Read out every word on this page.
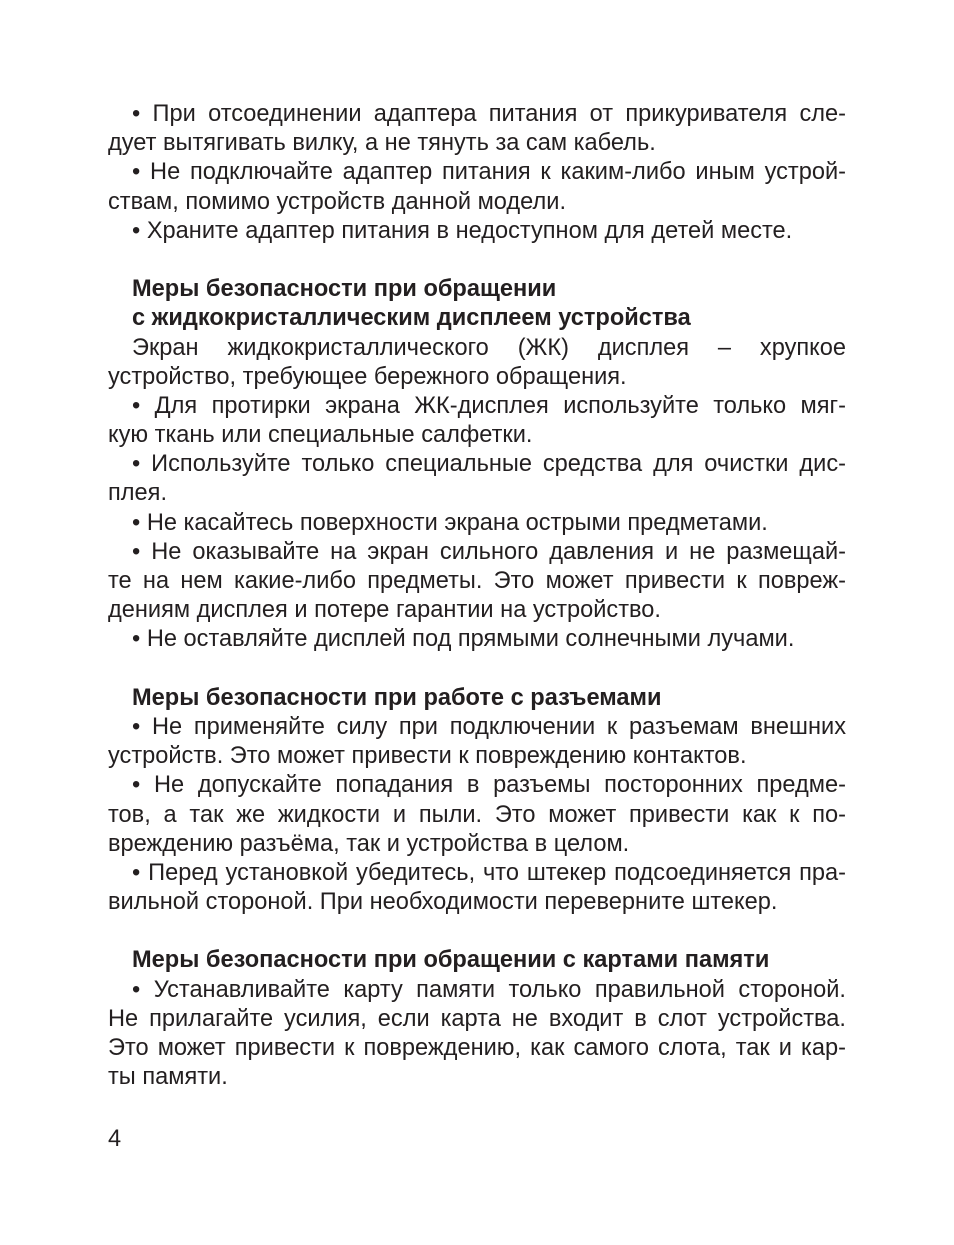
• При отсоединении адаптера питания от прикуривателя сле-
дует вытягивать вилку, а не тянуть за сам кабель.
• Не подключайте адаптер питания к каким-либо иным устрой-
ствам, помимо устройств данной модели.
• Храните адаптер питания в недоступном для детей месте.
Меры безопасности при обращении
с жидкокристаллическим дисплеем устройства
Экран жидкокристаллического (ЖК) дисплея – хрупкое
устройство, требующее бережного обращения.
• Для протирки экрана ЖК-дисплея используйте только мяг-
кую ткань или специальные салфетки.
• Используйте только специальные средства для очистки дис-
плея.
• Не касайтесь поверхности экрана острыми предметами.
• Не оказывайте на экран сильного давления и не размещай-
те на нем какие-либо предметы. Это может привести к повреж-
дениям дисплея и потере гарантии на устройство.
• Не оставляйте дисплей под прямыми солнечными лучами.
Меры безопасности при работе с разъемами
• Не применяйте силу при подключении к разъемам внешних
устройств. Это может привести к повреждению контактов.
• Не допускайте попадания в разъемы посторонних предме-
тов, а так же жидкости и пыли. Это может привести как к по-
вреждению разъёма, так и устройства в целом.
• Перед установкой убедитесь, что штекер подсоединяется пра-
вильной стороной. При необходимости переверните штекер.
Меры безопасности при обращении с картами памяти
• Устанавливайте карту памяти только правильной стороной.
Не прилагайте усилия, если карта не входит в слот устройства.
Это может привести к повреждению, как самого слота, так и кар-
ты памяти.
4
